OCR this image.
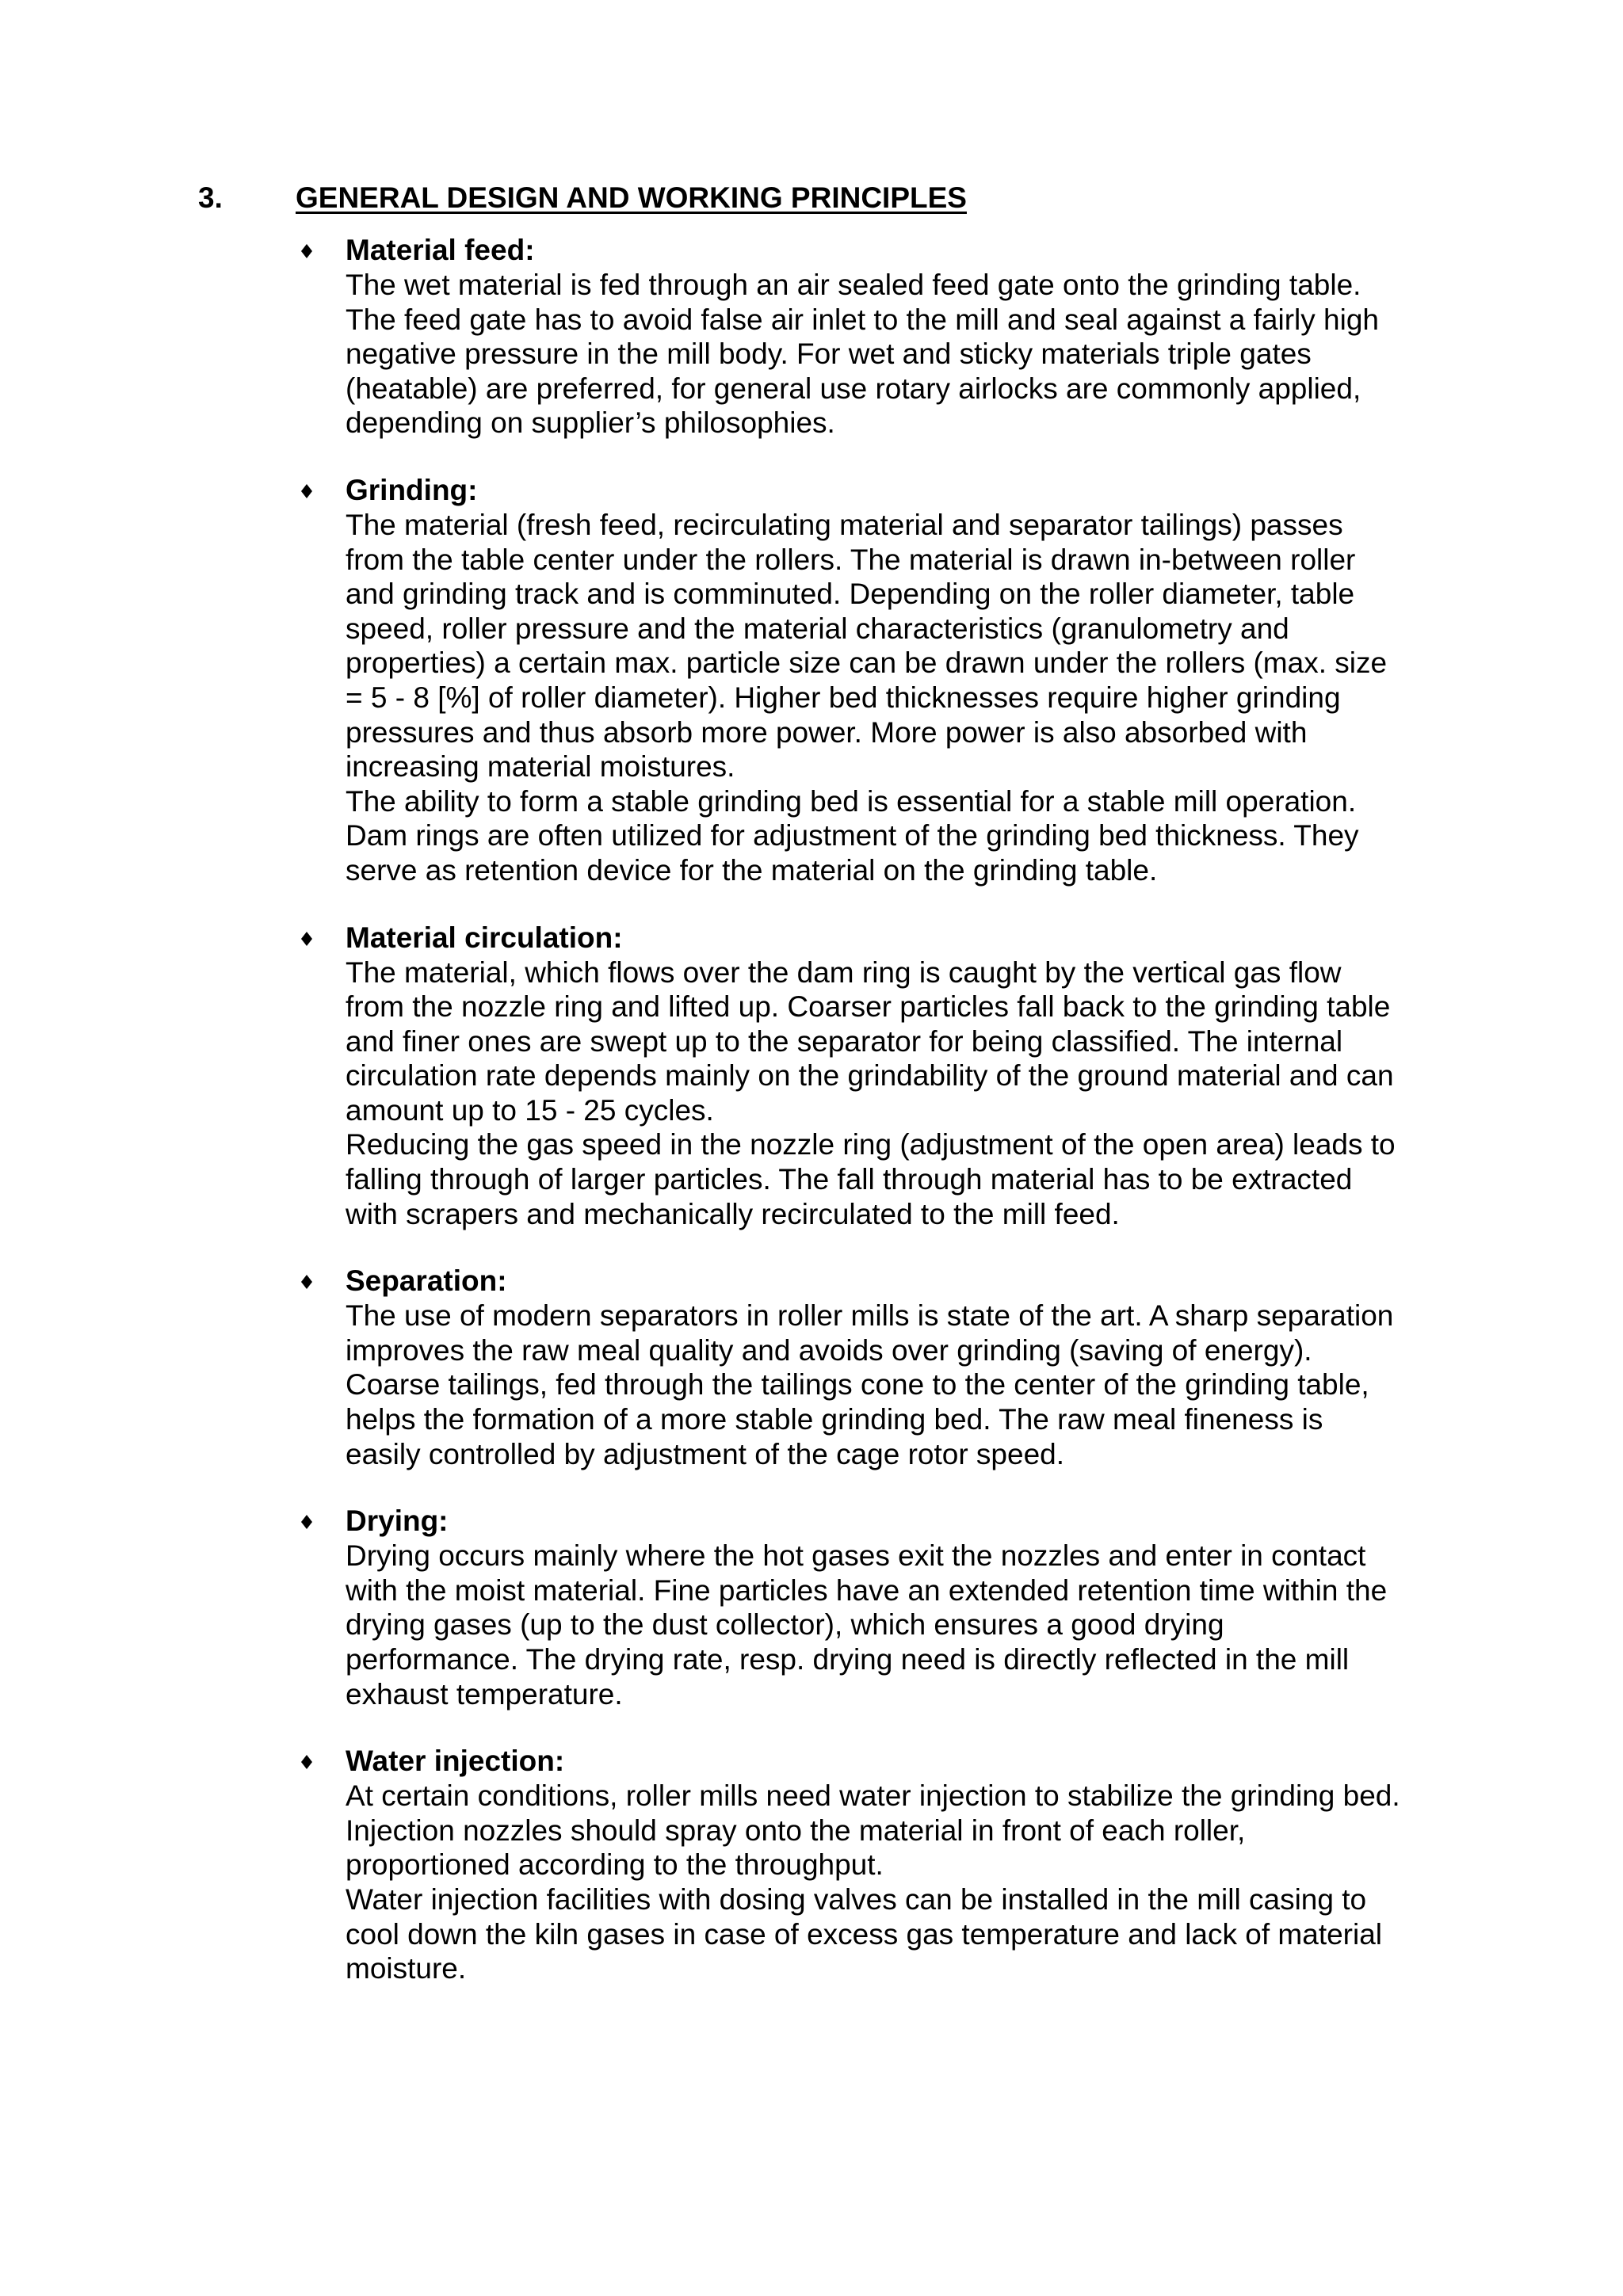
3. GENERAL DESIGN AND WORKING PRINCIPLES
Material feed:
The wet material is fed through an air sealed feed gate onto the grinding table.
The feed gate has to avoid false air inlet to the mill and seal against a fairly high
negative pressure in the mill body. For wet and sticky materials triple gates
(heatable) are preferred, for general use rotary airlocks are commonly applied,
depending on supplier’s philosophies.
Grinding:
The material (fresh feed, recirculating material and separator tailings) passes
from the table center under the rollers. The material is drawn in-between roller
and grinding track and is comminuted. Depending on the roller diameter, table
speed, roller pressure and the material characteristics (granulometry and
properties) a certain max. particle size can be drawn under the rollers (max. size
= 5 - 8 [%] of roller diameter). Higher bed thicknesses require higher grinding
pressures and thus absorb more power. More power is also absorbed with
increasing material moistures.
The ability to form a stable grinding bed is essential for a stable mill operation.
Dam rings are often utilized for adjustment of the grinding bed thickness. They
serve as retention device for the material on the grinding table.
Material circulation:
The material, which flows over the dam ring is caught by the vertical gas flow
from the nozzle ring and lifted up. Coarser particles fall back to the grinding table
and finer ones are swept up to the separator for being classified. The internal
circulation rate depends mainly on the grindability of the ground material and can
amount up to 15 - 25 cycles.
Reducing the gas speed in the nozzle ring (adjustment of the open area) leads to
falling through of larger particles. The fall through material has to be extracted
with scrapers and mechanically recirculated to the mill feed.
Separation:
The use of modern separators in roller mills is state of the art. A sharp separation
improves the raw meal quality and avoids over grinding (saving of energy).
Coarse tailings, fed through the tailings cone to the center of the grinding table,
helps the formation of a more stable grinding bed. The raw meal fineness is
easily controlled by adjustment of the cage rotor speed.
Drying:
Drying occurs mainly where the hot gases exit the nozzles and enter in contact
with the moist material. Fine particles have an extended retention time within the
drying gases (up to the dust collector), which ensures a good drying
performance. The drying rate, resp. drying need is directly reflected in the mill
exhaust temperature.
Water injection:
At certain conditions, roller mills need water injection to stabilize the grinding bed.
Injection nozzles should spray onto the material in front of each roller,
proportioned according to the throughput.
Water injection facilities with dosing valves can be installed in the mill casing to
cool down the kiln gases in case of excess gas temperature and lack of material
moisture.
